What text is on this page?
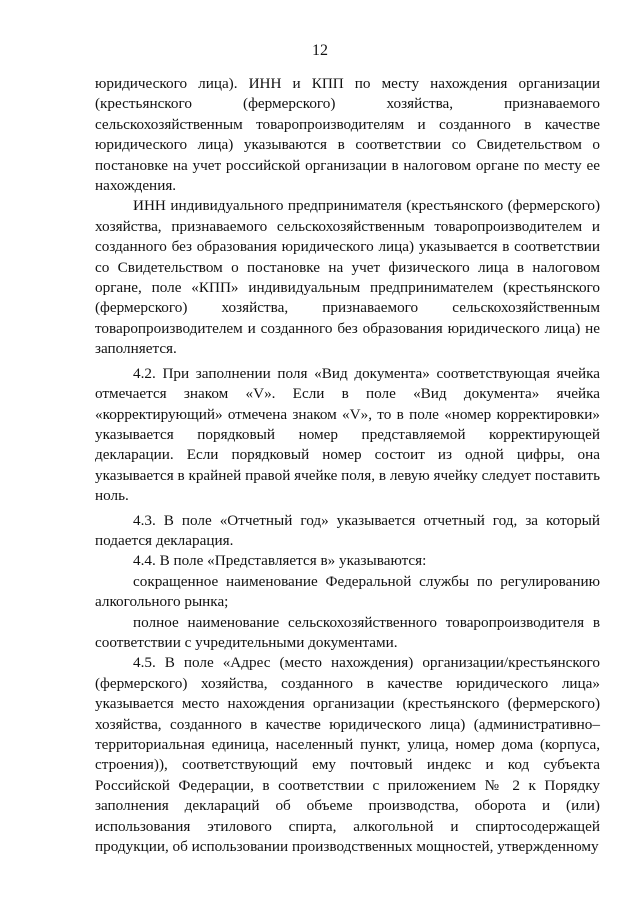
12

юридического лица). ИНН и КПП по месту нахождения организации (крестьянского (фермерского) хозяйства, признаваемого сельскохозяйственным товаропроизводителям и созданного в качестве юридического лица) указываются в соответствии со Свидетельством о постановке на учет российской организации в налоговом органе по месту ее нахождения.

ИНН индивидуального предпринимателя (крестьянского (фермерского) хозяйства, признаваемого сельскохозяйственным товаропроизводителем и созданного без образования юридического лица) указывается в соответствии со Свидетельством о постановке на учет физического лица в налоговом органе, поле «КПП» индивидуальным предпринимателем (крестьянского (фермерского) хозяйства, признаваемого сельскохозяйственным товаропроизводителем и созданного без образования юридического лица) не заполняется.

4.2. При заполнении поля «Вид документа» соответствующая ячейка отмечается знаком «V». Если в поле «Вид документа» ячейка «корректирующий» отмечена знаком «V», то в поле «номер корректировки» указывается порядковый номер представляемой корректирующей декларации. Если порядковый номер состоит из одной цифры, она указывается в крайней правой ячейке поля, в левую ячейку следует поставить ноль.

4.3. В поле «Отчетный год» указывается отчетный год, за который подается декларация.

4.4. В поле «Представляется в» указываются:

сокращенное наименование Федеральной службы по регулированию алкогольного рынка;

полное наименование сельскохозяйственного товаропроизводителя в соответствии с учредительными документами.

4.5. В поле «Адрес (место нахождения) организации/крестьянского (фермерского) хозяйства, созданного в качестве юридического лица» указывается место нахождения организации (крестьянского (фермерского) хозяйства, созданного в качестве юридического лица) (административно–территориальная единица, населенный пункт, улица, номер дома (корпуса, строения)), соответствующий ему почтовый индекс и код субъекта Российской Федерации, в соответствии с приложением № 2 к Порядку заполнения деклараций об объеме производства, оборота и (или) использования этилового спирта, алкогольной и спиртосодержащей продукции, об использовании производственных мощностей, утвержденному
